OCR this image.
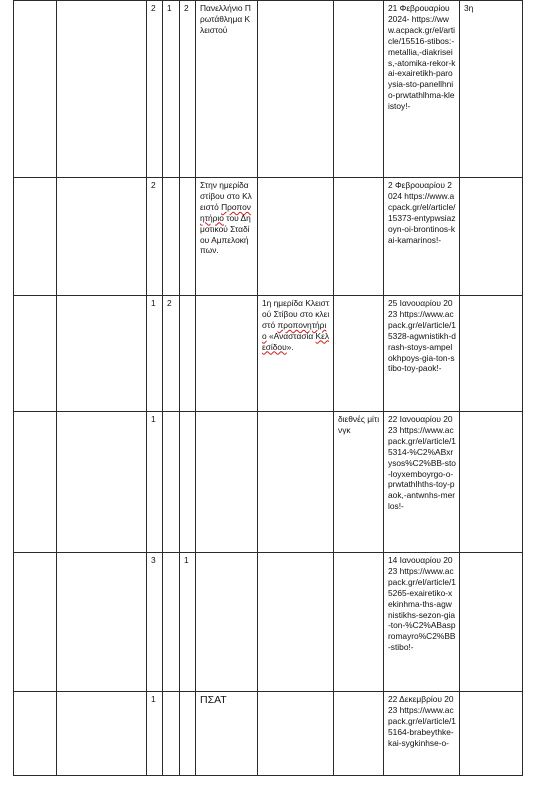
		2	1	2	Πανελλήνιο Πρωτάθλημα Κλειστού			21 Φεβρουαρίου 2024- https://www.acpack.gr/el/article/15516-stibos:-metallia,-diakriseis,-atomika-rekor-kai-exairetikh-paroysia-sto-panellhnio-prwtathlhma-kleistoy!-	3η
		2			Στην ημερίδα στίβου στο Κλειστό Προπονητήριο του Δημοτικού Σταδίου Αμπελοκήπων.			2 Φεβρουαρίου 2024 https://www.acpack.gr/el/article/15373-entypwsiazoyn-oi-brontinos-kai-kamarinos!-	
		1	2			1η ημερίδα Κλειστού Στίβου στο κλειστό προπονητήριο «Αναστασία Κελεσίδου».		25 Ιανουαρίου 2023 https://www.acpack.gr/el/article/15328-agwnistikh-drash-stoys-ampelokhpoys-gia-ton-stibo-toy-paok!-	
		1					διεθνές μίτινγκ	22 Ιανουαρίου 2023 https://www.acpack.gr/el/article/15314-%C2%ABxrysos%C2%BB-sto-loyxemboyrgo-o-prwtathlhths-toy-paok,-antwnhs-merlos!-	
		3		1				14 Ιανουαρίου 2023 https://www.acpack.gr/el/article/15265-exairetiko-xekinhma-ths-agwnistikhs-sezon-gia-ton-%C2%ABaspromayro%C2%BB-stibo!-	
		1			ΠΣΑΤ			22 Δεκεμβρίου 2023 https://www.acpack.gr/el/article/15164-brabeythke-kai-sygkinhse-o-	
